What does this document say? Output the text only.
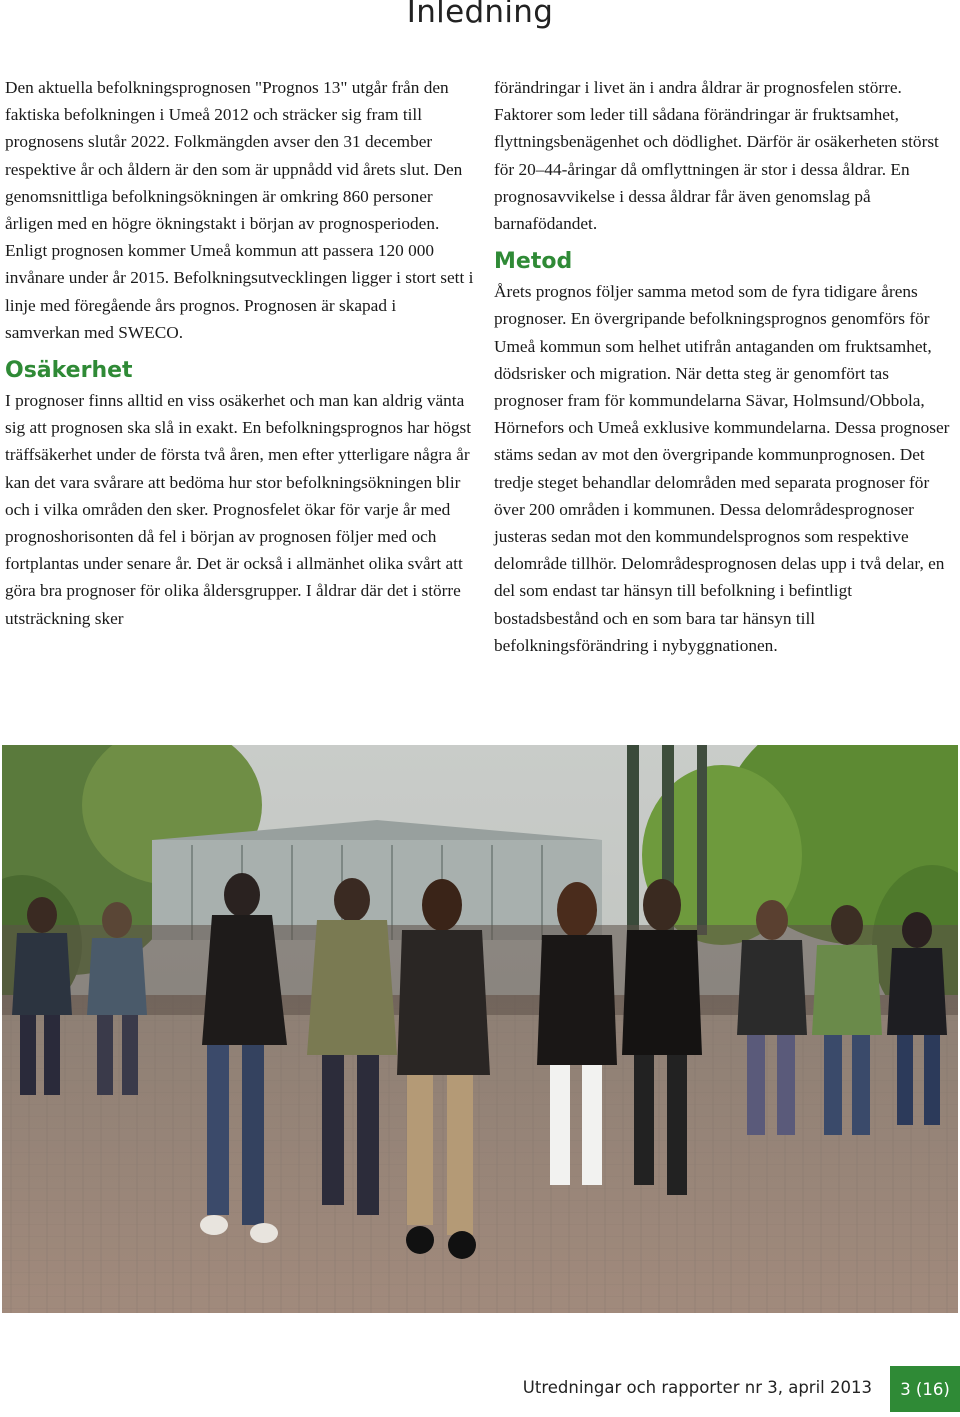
Inledning

Den aktuella befolkningsprognosen "Prognos 13" utgår från den faktiska befolkningen i Umeå 2012 och sträcker sig fram till prognosens slutår 2022. Folkmängden avser den 31 december respektive år och åldern är den som är uppnådd vid årets slut. Den genomsnittliga befolkningsökningen är omkring 860 personer årligen med en högre ökningstakt i början av prognosperioden. Enligt prognosen kommer Umeå kommun att passera 120 000 invånare under år 2015. Befolkningsutvecklingen ligger i stort sett i linje med föregående års prognos. Prognosen är skapad i samverkan med SWECO.

Osäkerhet

I prognoser finns alltid en viss osäkerhet och man kan aldrig vänta sig att prognosen ska slå in exakt. En befolkningsprognos har högst träffsäkerhet under de första två åren, men efter ytterligare några år kan det vara svårare att bedöma hur stor befolkningsökningen blir och i vilka områden den sker. Prognosfelet ökar för varje år med prognoshorisonten då fel i början av prognosen följer med och fortplantas under senare år. Det är också i allmänhet olika svårt att göra bra prognoser för olika åldersgrupper. I åldrar där det i större utsträckning sker

förändringar i livet än i andra åldrar är prognosfelen större. Faktorer som leder till sådana förändringar är fruktsamhet, flyttningsbenägenhet och dödlighet. Därför är osäkerheten störst för 20–44-åringar då omflyttningen är stor i dessa åldrar. En prognosavvikelse i dessa åldrar får även genomslag på barnafödandet.

Metod

Årets prognos följer samma metod som de fyra tidigare årens prognoser. En övergripande befolkningsprognos genomförs för Umeå kommun som helhet utifrån antaganden om fruktsamhet, dödsrisker och migration. När detta steg är genomfört tas prognoser fram för kommundelarna Sävar, Holmsund/Obbola, Hörnefors och Umeå exklusive kommundelarna. Dessa prognoser stäms sedan av mot den övergripande kommunprognosen. Det tredje steget behandlar delområden med separata prognoser för över 200 områden i kommunen. Dessa delområdesprognoser justeras sedan mot den kommundelsprognos som respektive delområde tillhör. Delområdesprognosen delas upp i två delar, en del som endast tar hänsyn till befolkning i befintligt bostadsbestånd och en som bara tar hänsyn till befolkningsförändring i nybyggnationen.

Utredningar och rapporter nr 3, april 2013	3 (16)
